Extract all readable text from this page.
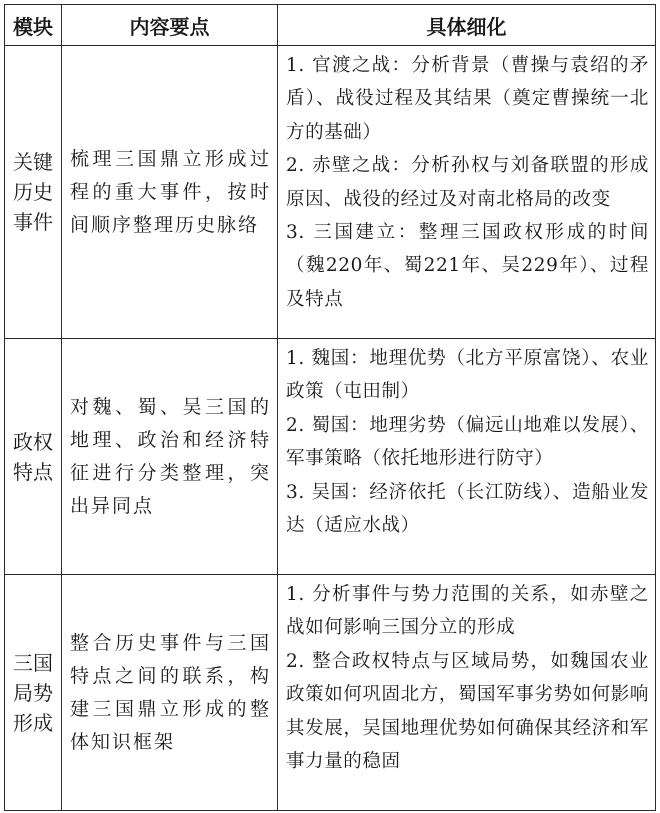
模块	内容要点	具体细化
关键历史事件	梳理三国鼎立形成过程的重大事件，按时间顺序整理历史脉络	1. 官渡之战：分析背景（曹操与袁绍的矛盾）、战役过程及其结果（奠定曹操统一北方的基础）

2. 赤壁之战：分析孙权与刘备联盟的形成原因、战役的经过及对南北格局的改变

3. 三国建立：整理三国政权形成的时间（魏220年、蜀221年、吴229年）、过程及特点

政权特点	对魏、蜀、吴三国的地理、政治和经济特征进行分类整理，突出异同点	1. 魏国：地理优势（北方平原富饶）、农业政策（屯田制）

2. 蜀国：地理劣势（偏远山地难以发展）、军事策略（依托地形进行防守）

3. 吴国：经济依托（长江防线）、造船业发达（适应水战）

三国局势形成	整合历史事件与三国特点之间的联系，构建三国鼎立形成的整体知识框架	1. 分析事件与势力范围的关系，如赤壁之战如何影响三国分立的形成

2. 整合政权特点与区域局势，如魏国农业政策如何巩固北方，蜀国军事劣势如何影响其发展，吴国地理优势如何确保其经济和军事力量的稳固
